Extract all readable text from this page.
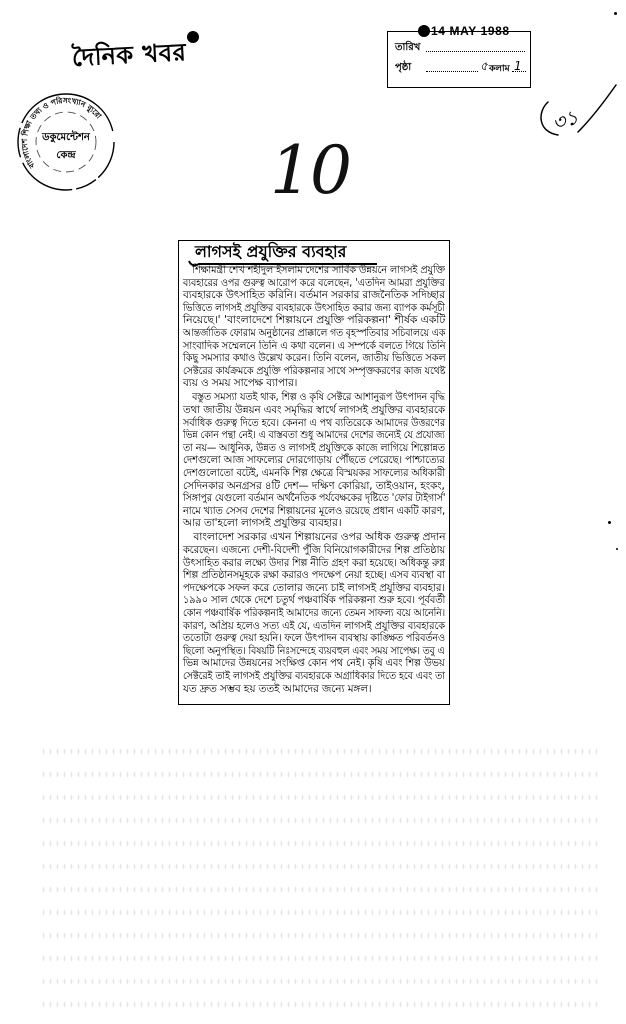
দৈনিক খবর
বাংলাদেশ শিক্ষা তথ্য ও পরিসংখ্যান ব্যুরো
ডকুমেন্টেশন
কেন্দ্র
14 MAY 1988
তারিখ
পৃষ্ঠা	৫ কলাম 1
৩১
10
লাগসই প্রযুক্তির ব্যবহার
শিক্ষামন্ত্রী শেখ শহীদুল ইসলাম দেশের সার্বিক উন্নয়নে লাগসই প্রযুক্তি
ব্যবহারের ওপর গুরুত্ব আরোপ করে বলেছেন, 'এতদিন আমরা প্রযুক্তির
ব্যবহারকে উৎসাহিত করিনি। বর্তমান সরকার রাজনৈতিক সদিচ্ছার
ভিত্তিতে লাগসই প্রযুক্তির ব্যবহারকে উৎসাহিত করার জন্য ব্যাপক কর্মসূচী
নিয়েছে।' 'বাংলাদেশে শিল্পায়নে প্রযুক্তি পরিকল্পনা' শীর্ষক একটি
আন্তর্জাতিক ফোরাম অনুষ্ঠানের প্রাক্কালে গত বৃহস্পতিবার সচিবালয়ে এক
সাংবাদিক সম্মেলনে তিনি এ কথা বলেন। এ সম্পর্কে বলতে গিয়ে তিনি
কিছু সমস্যার কথাও উল্লেখ করেন। তিনি বলেন, জাতীয় ভিত্তিতে সকল
সেক্টরের কার্যক্রমকে প্রযুক্তি পরিকল্পনার সাথে সম্পৃক্তকরণের কাজ যথেষ্ট
ব্যয় ও সময় সাপেক্ষ ব্যাপার।
বস্তুত সমস্যা যতই থাক, শিল্প ও কৃষি সেক্টরে আশানুরূপ উৎপাদন বৃদ্ধি
তথা জাতীয় উন্নয়ন এবং সমৃদ্ধির স্বার্থে লাগসই প্রযুক্তির ব্যবহারকে
সর্বাধিক গুরুত্ব দিতে হবে। কেননা এ পথ ব্যতিরেকে আমাদের উত্তরণের
ভিন্ন কোন পন্থা নেই। এ বাস্তবতা শুধু আমাদের দেশের জন্যেই যে প্রযোজ্য
তা নয়— আধুনিক, উন্নত ও লাগসই প্রযুক্তিকে কাজে লাগিয়ে শিল্পোন্নত
দেশগুলো আজ সাফল্যের দোরগোড়ায় পৌঁছতে পেরেছে। পাশ্চাত্যের
দেশগুলোতো বটেই, এমনকি শিল্প ক্ষেত্রে বিস্ময়কর সাফল্যের অধিকারী
সেদিনকার অনগ্রসর ৪টি দেশ— দক্ষিণ কোরিয়া, তাইওয়ান, হংকং,
সিঙ্গাপুর যেগুলো বর্তমান অর্থনৈতিক পর্যবেক্ষকের দৃষ্টিতে 'ফোর টাইগার্স'
নামে খ্যাত সেসব দেশের শিল্পায়নের মূলেও রয়েছে প্রধান একটি কারণ,
আর তা'হলো লাগসই প্রযুক্তির ব্যবহার।
বাংলাদেশ সরকার এখন শিল্পায়নের ওপর অধিক গুরুত্ব প্রদান
করেছেন। এজন্যে দেশী-বিদেশী পুঁজি বিনিয়োগকারীদের শিল্প প্রতিষ্ঠায়
উৎসাহিত করার লক্ষ্যে উদার শিল্প নীতি গ্রহণ করা হয়েছে। অধিকন্তু রুগ্ন
শিল্প প্রতিষ্ঠানসমূহকে রক্ষা করারও পদক্ষেপ নেয়া হচ্ছে। এসব ব্যবস্থা বা
পদক্ষেপকে সফল করে তোলার জন্যে চাই লাগসই প্রযুক্তির ব্যবহার।
১৯৯০ সাল থেকে দেশে চতুর্থ পঞ্চবার্ষিক পরিকল্পনা শুরু হবে। পূর্ববর্তী
কোন পঞ্চবার্ষিক পরিকল্পনাই আমাদের জন্যে তেমন সাফল্য বয়ে আনেনি।
কারণ, অপ্রিয় হলেও সত্য এই যে, এতদিন লাগসই প্রযুক্তির ব্যবহারকে
ততোটা গুরুত্ব দেয়া হয়নি। ফলে উৎপাদন ব্যবস্থায় কাঙ্ক্ষিত পরিবর্তনও
ছিলো অনুপস্থিত। বিষয়টি নিঃসন্দেহে ব্যয়বহুল এবং সময় সাপেক্ষ। তবু এ
ভিন্ন আমাদের উন্নয়নের সংক্ষিপ্ত কোন পথ নেই। কৃষি এবং শিল্প উভয়
সেক্টরেই তাই লাগসই প্রযুক্তির ব্যবহারকে অগ্রাধিকার দিতে হবে এবং তা
যত দ্রুত সম্ভব হয় ততই আমাদের জন্যে মঙ্গল।
